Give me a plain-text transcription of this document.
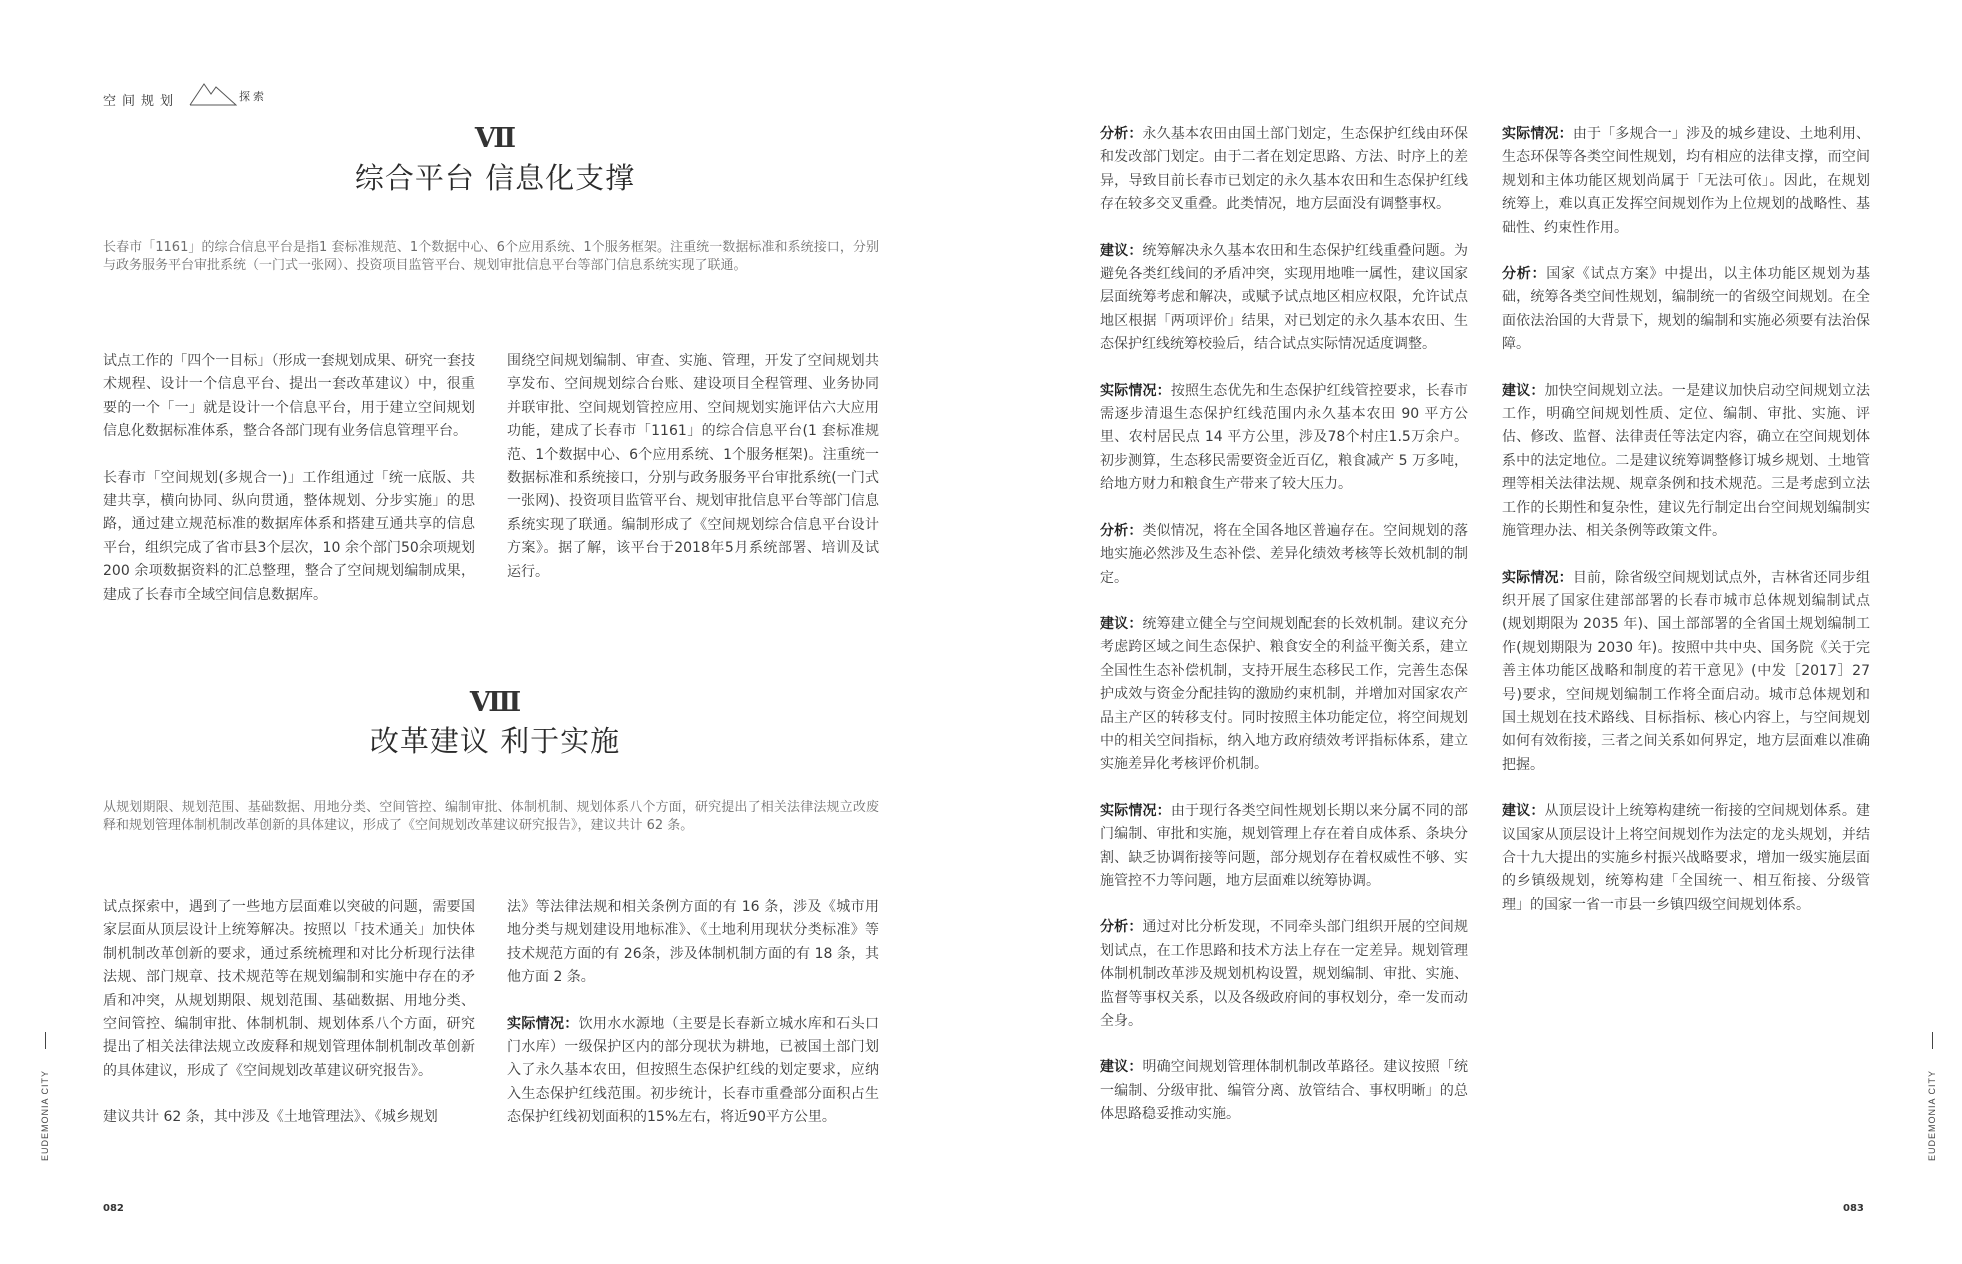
空间规划	探索
Ⅶ
综合平台 信息化支撑
长春市「1161」的综合信息平台是指1 套标准规范、1个数据中心、6个应用系统、1个服务框架。注重统一数据标准和系统接口，分别与政务服务平台审批系统（一门式一张网）、投资项目监管平台、规划审批信息平台等部门信息系统实现了联通。

试点工作的「四个一目标」（形成一套规划成果、研究一套技术规程、设计一个信息平台、提出一套改革建议）中，很重要的一个「一」就是设计一个信息平台，用于建立空间规划信息化数据标准体系，整合各部门现有业务信息管理平台。

长春市「空间规划(多规合一)」工作组通过「统一底版、共建共享，横向协同、纵向贯通，整体规划、分步实施」的思路，通过建立规范标准的数据库体系和搭建互通共享的信息平台，组织完成了省市县3个层次，10 余个部门50余项规划 200 余项数据资料的汇总整理，整合了空间规划编制成果，建成了长春市全域空间信息数据库。

围绕空间规划编制、审查、实施、管理，开发了空间规划共享发布、空间规划综合台账、建设项目全程管理、业务协同并联审批、空间规划管控应用、空间规划实施评估六大应用功能，建成了长春市「1161」的综合信息平台(1 套标准规范、1个数据中心、6个应用系统、1个服务框架)。注重统一数据标准和系统接口，分别与政务服务平台审批系统(一门式一张网)、投资项目监管平台、规划审批信息平台等部门信息系统实现了联通。编制形成了《空间规划综合信息平台设计方案》。据了解，该平台于2018年5月系统部署、培训及试运行。

Ⅷ
改革建议 利于实施
从规划期限、规划范围、基础数据、用地分类、空间管控、编制审批、体制机制、规划体系八个方面，研究提出了相关法律法规立改废释和规划管理体制机制改革创新的具体建议，形成了《空间规划改革建议研究报告》，建议共计 62 条。

试点探索中，遇到了一些地方层面难以突破的问题，需要国家层面从顶层设计上统筹解决。按照以「技术通关」加快体制机制改革创新的要求，通过系统梳理和对比分析现行法律法规、部门规章、技术规范等在规划编制和实施中存在的矛盾和冲突，从规划期限、规划范围、基础数据、用地分类、空间管控、编制审批、体制机制、规划体系八个方面，研究提出了相关法律法规立改废释和规划管理体制机制改革创新的具体建议，形成了《空间规划改革建议研究报告》。

建议共计 62 条，其中涉及《土地管理法》、《城乡规划

法》等法律法规和相关条例方面的有 16 条，涉及《城市用地分类与规划建设用地标准》、《土地利用现状分类标准》等技术规范方面的有 26条，涉及体制机制方面的有 18 条，其他方面 2 条。

实际情况：饮用水水源地（主要是长春新立城水库和石头口门水库）一级保护区内的部分现状为耕地，已被国土部门划入了永久基本农田，但按照生态保护红线的划定要求，应纳入生态保护红线范围。初步统计，长春市重叠部分面积占生态保护红线初划面积的15%左右，将近90平方公里。

EUDEMONIA CITY
082

分析：永久基本农田由国土部门划定，生态保护红线由环保和发改部门划定。由于二者在划定思路、方法、时序上的差异，导致目前长春市已划定的永久基本农田和生态保护红线存在较多交叉重叠。此类情况，地方层面没有调整事权。

建议：统筹解决永久基本农田和生态保护红线重叠问题。为避免各类红线间的矛盾冲突，实现用地唯一属性，建议国家层面统筹考虑和解决，或赋予试点地区相应权限，允许试点地区根据「两项评价」结果，对已划定的永久基本农田、生态保护红线统筹校验后，结合试点实际情况适度调整。

实际情况：按照生态优先和生态保护红线管控要求，长春市需逐步清退生态保护红线范围内永久基本农田 90 平方公里、农村居民点 14 平方公里，涉及78个村庄1.5万余户。初步测算，生态移民需要资金近百亿，粮食减产 5 万多吨，给地方财力和粮食生产带来了较大压力。

分析：类似情况，将在全国各地区普遍存在。空间规划的落地实施必然涉及生态补偿、差异化绩效考核等长效机制的制定。

建议：统筹建立健全与空间规划配套的长效机制。建议充分考虑跨区域之间生态保护、粮食安全的利益平衡关系，建立全国性生态补偿机制，支持开展生态移民工作，完善生态保护成效与资金分配挂钩的激励约束机制，并增加对国家农产品主产区的转移支付。同时按照主体功能定位，将空间规划中的相关空间指标，纳入地方政府绩效考评指标体系，建立实施差异化考核评价机制。

实际情况：由于现行各类空间性规划长期以来分属不同的部门编制、审批和实施，规划管理上存在着自成体系、条块分割、缺乏协调衔接等问题，部分规划存在着权威性不够、实施管控不力等问题，地方层面难以统筹协调。

分析：通过对比分析发现，不同牵头部门组织开展的空间规划试点，在工作思路和技术方法上存在一定差异。规划管理体制机制改革涉及规划机构设置，规划编制、审批、实施、监督等事权关系，以及各级政府间的事权划分，牵一发而动全身。

建议：明确空间规划管理体制机制改革路径。建议按照「统一编制、分级审批、编管分离、放管结合、事权明晰」的总体思路稳妥推动实施。

实际情况：由于「多规合一」涉及的城乡建设、土地利用、生态环保等各类空间性规划，均有相应的法律支撑，而空间规划和主体功能区规划尚属于「无法可依」。因此，在规划统筹上，难以真正发挥空间规划作为上位规划的战略性、基础性、约束性作用。

分析：国家《试点方案》中提出，以主体功能区规划为基础，统筹各类空间性规划，编制统一的省级空间规划。在全面依法治国的大背景下，规划的编制和实施必须要有法治保障。

建议：加快空间规划立法。一是建议加快启动空间规划立法工作，明确空间规划性质、定位、编制、审批、实施、评估、修改、监督、法律责任等法定内容，确立在空间规划体系中的法定地位。二是建议统筹调整修订城乡规划、土地管理等相关法律法规、规章条例和技术规范。三是考虑到立法工作的长期性和复杂性，建议先行制定出台空间规划编制实施管理办法、相关条例等政策文件。

实际情况：目前，除省级空间规划试点外，吉林省还同步组织开展了国家住建部部署的长春市城市总体规划编制试点(规划期限为 2035 年)、国土部部署的全省国土规划编制工作(规划期限为 2030 年)。按照中共中央、国务院《关于完善主体功能区战略和制度的若干意见》(中发［2017］27 号)要求，空间规划编制工作将全面启动。城市总体规划和国土规划在技术路线、目标指标、核心内容上，与空间规划如何有效衔接，三者之间关系如何界定，地方层面难以准确把握。

建议：从顶层设计上统筹构建统一衔接的空间规划体系。建议国家从顶层设计上将空间规划作为法定的龙头规划，并结合十九大提出的实施乡村振兴战略要求，增加一级实施层面的乡镇级规划，统筹构建「全国统一、相互衔接、分级管理」的国家一省一市县一乡镇四级空间规划体系。

EUDEMONIA CITY
083
